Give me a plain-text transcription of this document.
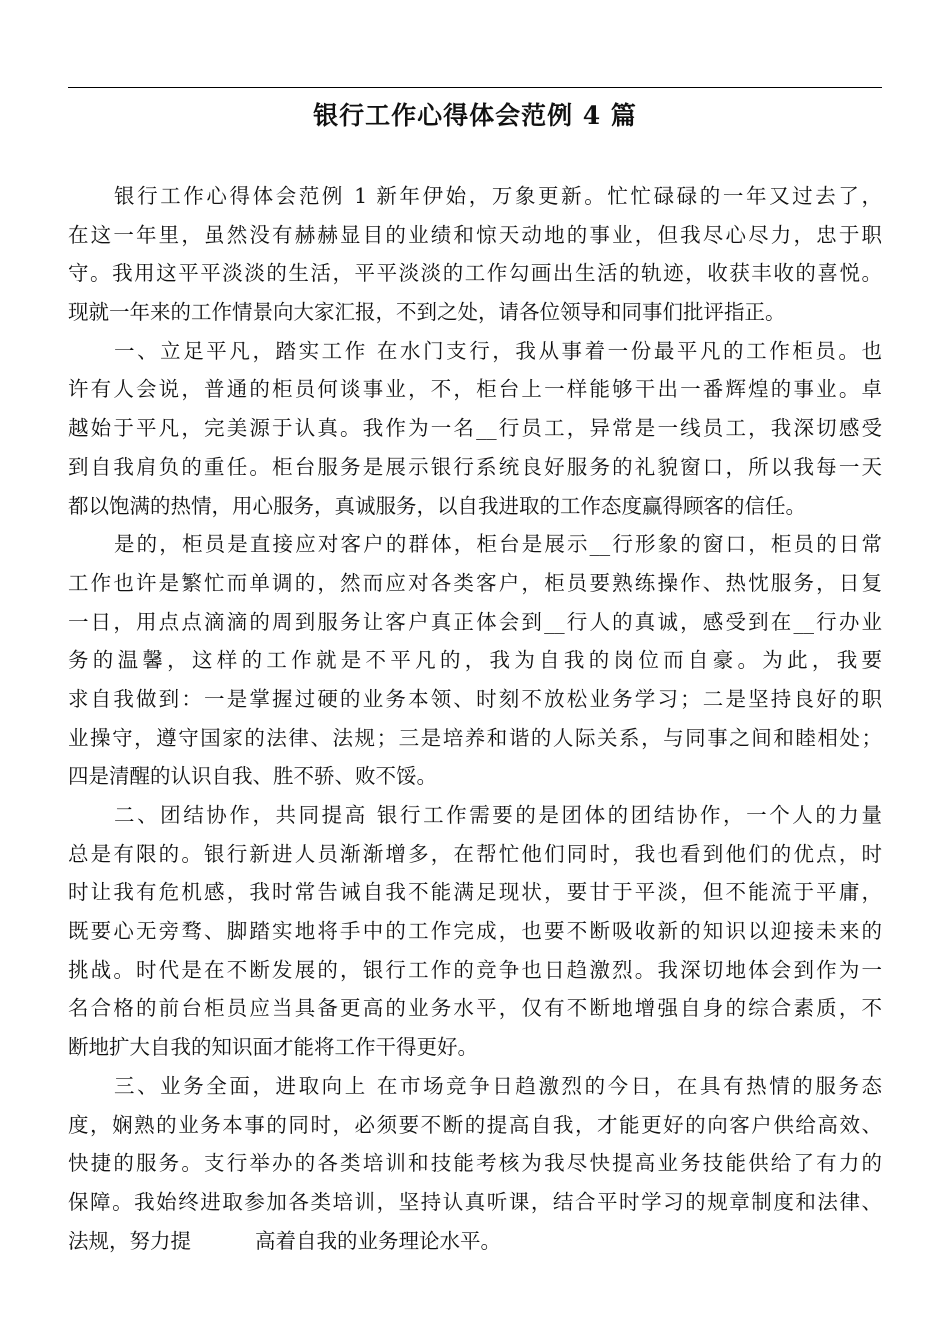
银行工作心得体会范例 4 篇
银行工作心得体会范例 1 新年伊始，万象更新。忙忙碌碌的一年又过去了，
在这一年里，虽然没有赫赫显目的业绩和惊天动地的事业，但我尽心尽力，忠于职
守。我用这平平淡淡的生活，平平淡淡的工作勾画出生活的轨迹，收获丰收的喜悦。
现就一年来的工作情景向大家汇报，不到之处，请各位领导和同事们批评指正。
一、立足平凡，踏实工作 在水门支行，我从事着一份最平凡的工作柜员。也
许有人会说，普通的柜员何谈事业，不，柜台上一样能够干出一番辉煌的事业。卓
越始于平凡，完美源于认真。我作为一名__行员工，异常是一线员工，我深切感受
到自我肩负的重任。柜台服务是展示银行系统良好服务的礼貌窗口，所以我每一天
都以饱满的热情，用心服务，真诚服务，以自我进取的工作态度赢得顾客的信任。
是的，柜员是直接应对客户的群体，柜台是展示__行形象的窗口，柜员的日常
工作也许是繁忙而单调的，然而应对各类客户，柜员要熟练操作、热忱服务，日复
一日，用点点滴滴的周到服务让客户真正体会到__行人的真诚，感受到在__行办业
务的温馨，这样的工作就是不平凡的，我为自我的岗位而自豪。为此，我要
求自我做到：一是掌握过硬的业务本领、时刻不放松业务学习；二是坚持良好的职
业操守，遵守国家的法律、法规；三是培养和谐的人际关系，与同事之间和睦相处；
四是清醒的认识自我、胜不骄、败不馁。
二、团结协作，共同提高 银行工作需要的是团体的团结协作，一个人的力量
总是有限的。银行新进人员渐渐增多，在帮忙他们同时，我也看到他们的优点，时
时让我有危机感，我时常告诫自我不能满足现状，要甘于平淡，但不能流于平庸，
既要心无旁骛、脚踏实地将手中的工作完成，也要不断吸收新的知识以迎接未来的
挑战。时代是在不断发展的，银行工作的竞争也日趋激烈。我深切地体会到作为一
名合格的前台柜员应当具备更高的业务水平，仅有不断地增强自身的综合素质，不
断地扩大自我的知识面才能将工作干得更好。
三、业务全面，进取向上 在市场竞争日趋激烈的今日，在具有热情的服务态
度，娴熟的业务本事的同时，必须要不断的提高自我，才能更好的向客户供给高效、
快捷的服务。支行举办的各类培训和技能考核为我尽快提高业务技能供给了有力的
保障。我始终进取参加各类培训，坚持认真听课，结合平时学习的规章制度和法律、
法规，努力提	高着自我的业务理论水平。
